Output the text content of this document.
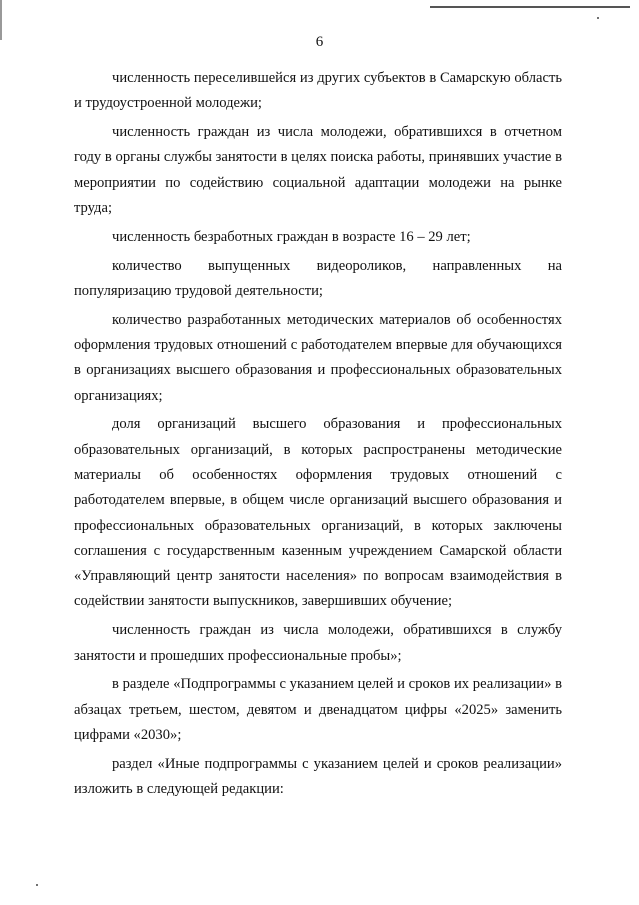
6

численность переселившейся из других субъектов в Самарскую область и трудоустроенной молодежи;

численность граждан из числа молодежи, обратившихся в отчетном году в органы службы занятости в целях поиска работы, принявших участие в мероприятии по содействию социальной адаптации молодежи на рынке труда;

численность безработных граждан в возрасте 16 – 29 лет;

количество выпущенных видеороликов, направленных на популяризацию трудовой деятельности;

количество разработанных методических материалов об особенностях оформления трудовых отношений с работодателем впервые для обучающихся в организациях высшего образования и профессиональных образовательных организациях;

доля организаций высшего образования и профессиональных образовательных организаций, в которых распространены методические материалы об особенностях оформления трудовых отношений с работодателем впервые, в общем числе организаций высшего образования и профессиональных образовательных организаций, в которых заключены соглашения с государственным казенным учреждением Самарской области «Управляющий центр занятости населения» по вопросам взаимодействия в содействии занятости выпускников, завершивших обучение;

численность граждан из числа молодежи, обратившихся в службу занятости и прошедших профессиональные пробы»;

в разделе «Подпрограммы с указанием целей и сроков их реализации» в абзацах третьем, шестом, девятом и двенадцатом цифры «2025» заменить цифрами «2030»;

раздел «Иные подпрограммы с указанием целей и сроков реализации» изложить в следующей редакции:
